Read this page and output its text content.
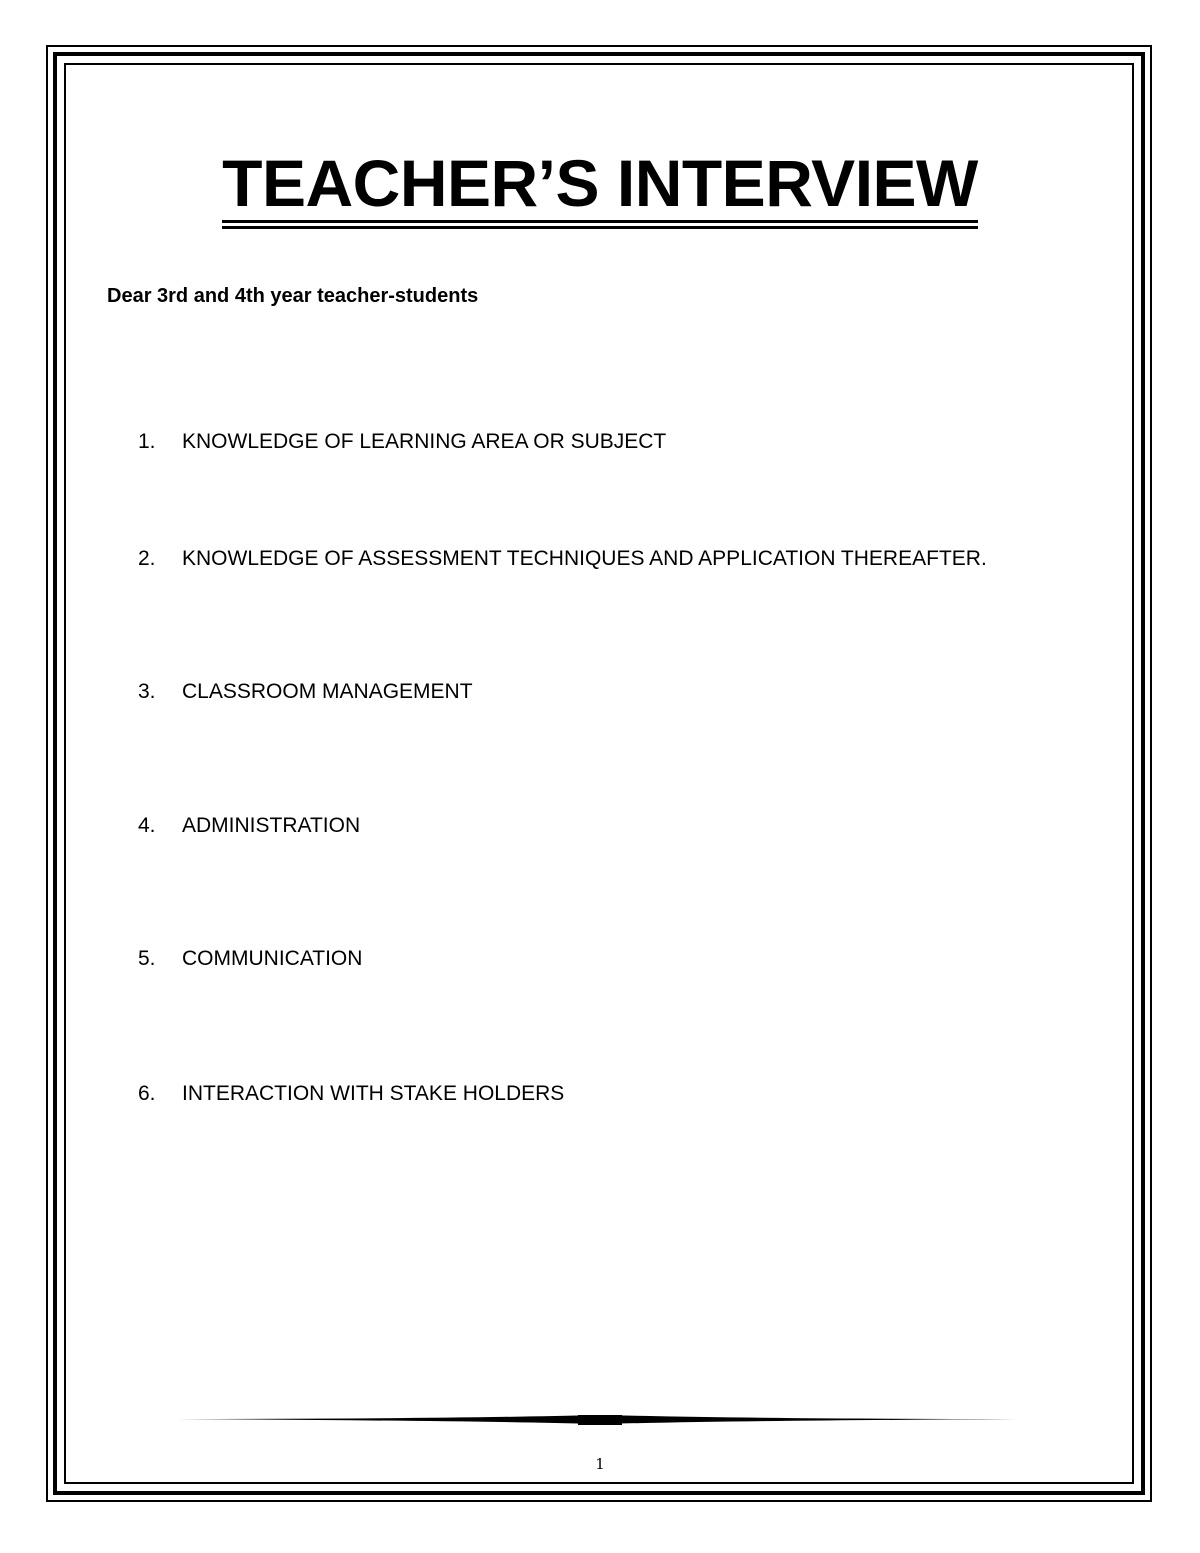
TEACHER’S INTERVIEW
Dear 3rd and 4th year teacher-students
1. KNOWLEDGE OF LEARNING AREA OR SUBJECT
2. KNOWLEDGE OF ASSESSMENT TECHNIQUES AND APPLICATION THEREAFTER.
3. CLASSROOM MANAGEMENT
4. ADMINISTRATION
5. COMMUNICATION
6. INTERACTION WITH STAKE HOLDERS
1
